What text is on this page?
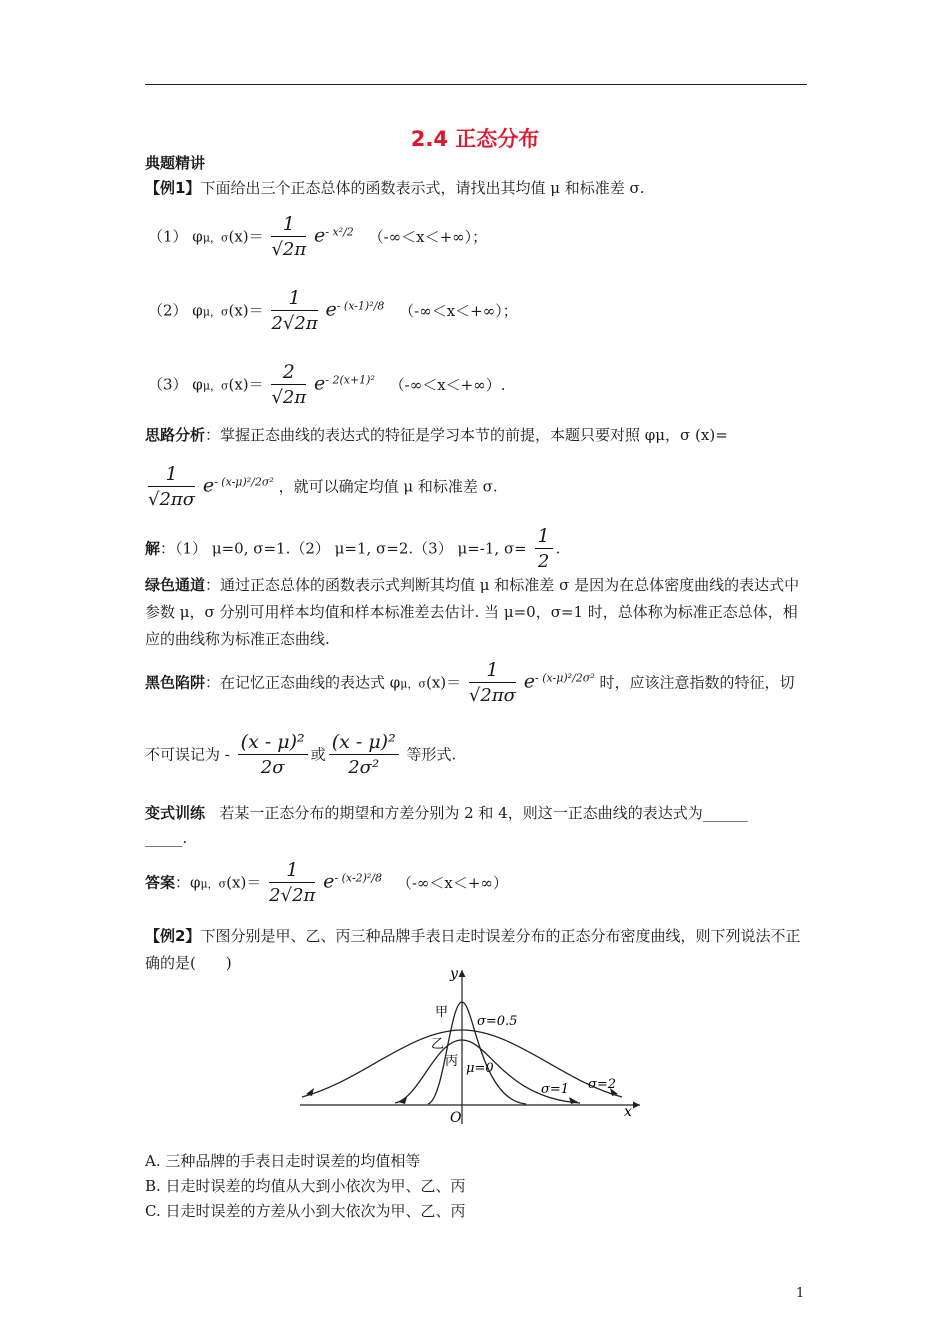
2.4 正态分布
典题精讲
【例1】下面给出三个正态总体的函数表示式，请找出其均值 μ 和标准差 σ.
（1） φμ，$\sigma(x)= \frac{1}{√2\pi} e^{- x^2/2}$ （-∞＜x＜+∞）；
（2） φμ，$\sigma(x)= \frac{1}{2√2\pi} e^{- (x-1)^2/8}$ （-∞＜x＜+∞）；
（3） φμ，$\sigma(x)= \frac{2}{√2\pi} e^{- 2(x+1)^2}$ （-∞＜x＜+∞）.
思路分析：掌握正态曲线的表达式的特征是学习本节的前提，本题只要对照 φμ，σ (x)=
$\frac{1}{√2\pi\sigma} e^{- (x-\mu)^2/2\sigma^2}$ ，就可以确定均值 μ 和标准差 σ.
解：（1） μ=0, σ=1.（2） μ=1, σ=2.（3） μ=-1, $\sigma= \frac{1}{2}$ .
绿色通道：通过正态总体的函数表示式判断其均值 μ 和标准差 σ 是因为在总体密度曲线的表达式中参数 μ，σ 分别可用样本均值和样本标准差去估计. 当 μ=0，σ=1 时，总体称为标准正态总体，相应的曲线称为标准正态曲线.
黑色陷阱：在记忆正态曲线的表达式 φμ，$\sigma(x)= \frac{1}{√2\pi\sigma} e^{- (x-\mu)^2/2\sigma^2}$ 时，应该注意指数的特征，切
不可误记为 - $\frac{\text{(x - μ)²}}{2\sigma}$ 或 $\frac{\text{(x - μ)²}}{\text{2σ²}}$ 等形式.
变式训练 若某一正态分布的期望和方差分别为 2 和 4，则这一正态曲线的表达式为______
_____.
答案：φμ，$\sigma(x)= \frac{1}{2√2\pi} e^{- (x-2)^2/8}$ （-∞＜x＜+∞）
【例2】下图分别是甲、乙、丙三种品牌手表日走时误差分布的正态分布密度曲线，则下列说法不正确的是(　　)
y
x
O
甲
乙
丙 μ=0
σ=0.5
σ=1 σ=2
A. 三种品牌的手表日走时误差的均值相等
B. 日走时误差的均值从大到小依次为甲、乙、丙
C. 日走时误差的方差从小到大依次为甲、乙、丙
1
